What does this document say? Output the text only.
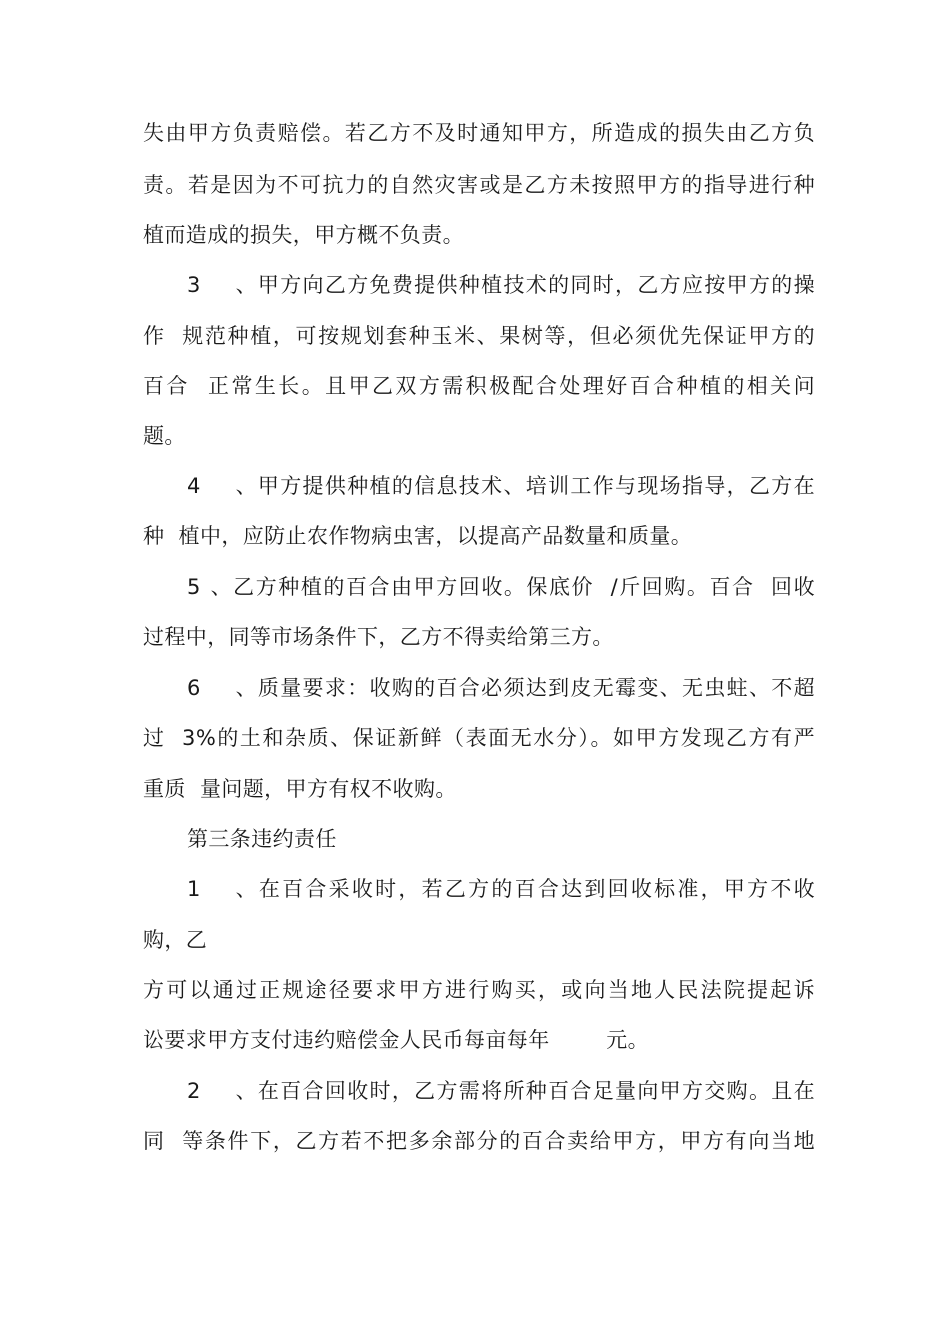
失由甲方负责赔偿。若乙方不及时通知甲方，所造成的损失由乙方负
责。若是因为不可抗力的自然灾害或是乙方未按照甲方的指导进行种
植而造成的损失，甲方概不负责。
3、甲方向乙方免费提供种植技术的同时，乙方应按甲方的操
作  规范种植，可按规划套种玉米、果树等，但必须优先保证甲方的
百合  正常生长。且甲乙双方需积极配合处理好百合种植的相关问
题。
4、甲方提供种植的信息技术、培训工作与现场指导，乙方在
种  植中，应防止农作物病虫害，以提高产品数量和质量。
5、乙方种植的百合由甲方回收。保底价  /斤回购。百合  回收
过程中，同等市场条件下，乙方不得卖给第三方。
6、质量要求：收购的百合必须达到皮无霉变、无虫蛀、不超
过  3%的土和杂质、保证新鲜（表面无水分）。如甲方发现乙方有严
重质  量问题，甲方有权不收购。
第三条违约责任
1、在百合采收时，若乙方的百合达到回收标准，甲方不收
购，乙
方可以通过正规途径要求甲方进行购买，或向当地人民法院提起诉
讼要求甲方支付违约赔偿金人民币每亩每年        元。
2、在百合回收时，乙方需将所种百合足量向甲方交购。且在
同  等条件下，乙方若不把多余部分的百合卖给甲方，甲方有向当地
